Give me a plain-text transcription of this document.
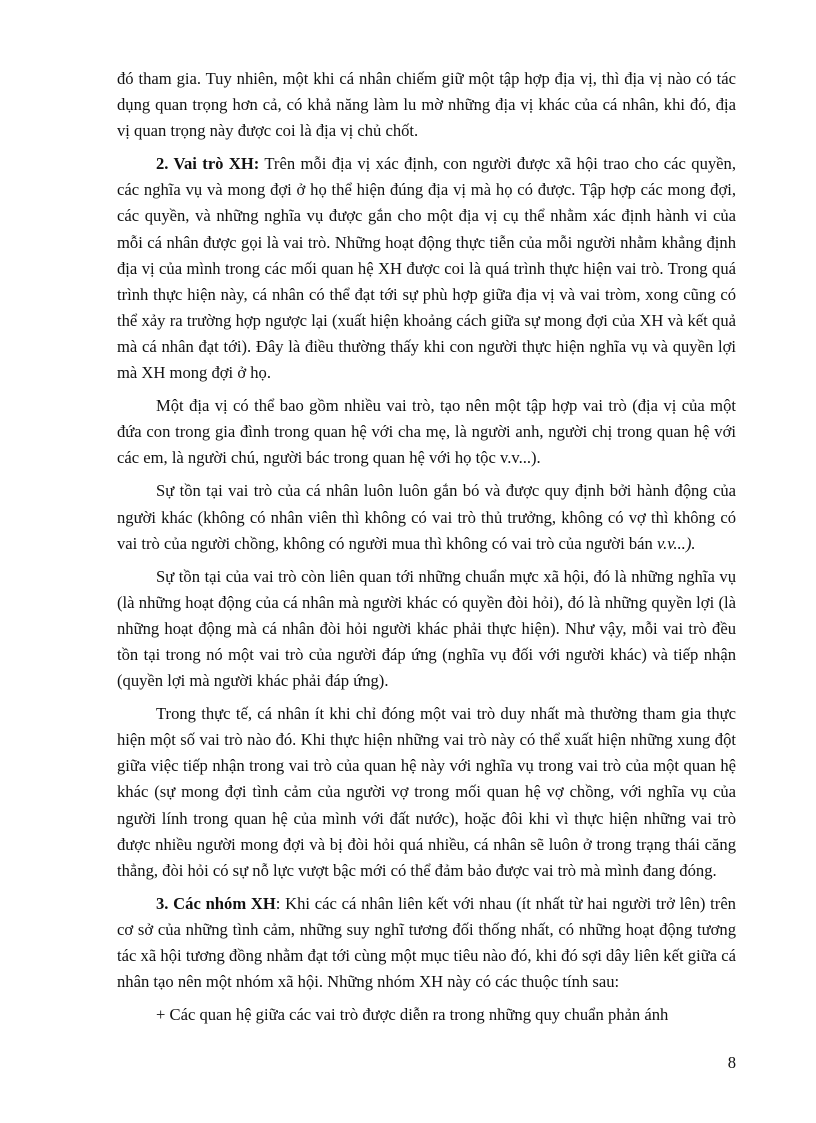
đó tham gia. Tuy nhiên, một khi cá nhân chiếm giữ một tập hợp địa vị, thì địa vị nào có tác dụng quan trọng hơn cả, có khả năng làm lu mờ những địa vị khác của cá nhân, khi đó, địa vị quan trọng này được coi là địa vị chủ chốt.

2. Vai trò XH: Trên mỗi địa vị xác định, con người được xã hội trao cho các quyền, các nghĩa vụ và mong đợi ở họ thể hiện đúng địa vị mà họ có được. Tập hợp các mong đợi, các quyền, và những nghĩa vụ được gắn cho một địa vị cụ thể nhằm xác định hành vi của mỗi cá nhân được gọi là vai trò. Những hoạt động thực tiễn của mỗi người nhằm khẳng định địa vị của mình trong các mối quan hệ XH được coi là quá trình thực hiện vai trò. Trong quá trình thực hiện này, cá nhân có thể đạt tới sự phù hợp giữa địa vị và vai tròm, xong cũng có thể xảy ra trường hợp ngược lại (xuất hiện khoảng cách giữa sự mong đợi của XH và kết quả mà cá nhân đạt tới). Đây là điều thường thấy khi con người thực hiện nghĩa vụ và quyền lợi mà XH mong đợi ở họ.

Một địa vị có thể bao gồm nhiều vai trò, tạo nên một tập hợp vai trò (địa vị của một đứa con trong gia đình trong quan hệ với cha mẹ, là người anh, người chị trong quan hệ với các em, là người chú, người bác trong quan hệ với họ tộc v.v...).

Sự tồn tại vai trò của cá nhân luôn luôn gắn bó và được quy định bởi hành động của người khác (không có nhân viên thì không có vai trò thủ trưởng, không có vợ thì không có vai trò của người chồng, không có người mua thì không có vai trò của người bán v.v...).

Sự tồn tại của vai trò còn liên quan tới những chuẩn mực xã hội, đó là những nghĩa vụ (là những hoạt động của cá nhân mà người khác có quyền đòi hỏi), đó là những quyền lợi (là những hoạt động mà cá nhân đòi hỏi người khác phải thực hiện). Như vậy, mỗi vai trò đều tồn tại trong nó một vai trò của người đáp ứng (nghĩa vụ đối với người khác) và tiếp nhận (quyền lợi mà người khác phải đáp ứng).

Trong thực tế, cá nhân ít khi chỉ đóng một vai trò duy nhất mà thường tham gia thực hiện một số vai trò nào đó. Khi thực hiện những vai trò này có thể xuất hiện những xung đột giữa việc tiếp nhận trong vai trò của quan hệ này với nghĩa vụ trong vai trò của một quan hệ khác (sự mong đợi tình cảm của người vợ trong mối quan hệ vợ chồng, với nghĩa vụ của người lính trong quan hệ của mình với đất nước), hoặc đôi khi vì thực hiện những vai trò được nhiều người mong đợi và bị đòi hỏi quá nhiều, cá nhân sẽ luôn ở trong trạng thái căng thẳng, đòi hỏi có sự nỗ lực vượt bậc mới có thể đảm bảo được vai trò mà mình đang đóng.

3. Các nhóm XH: Khi các cá nhân liên kết với nhau (ít nhất từ hai người trở lên) trên cơ sở của những tình cảm, những suy nghĩ tương đối thống nhất, có những hoạt động tương tác xã hội tương đồng nhằm đạt tới cùng một mục tiêu nào đó, khi đó sợi dây liên kết giữa cá nhân tạo nên một nhóm xã hội. Những nhóm XH này có các thuộc tính sau:

+ Các quan hệ giữa các vai trò được diễn ra trong những quy chuẩn phản ánh

8
